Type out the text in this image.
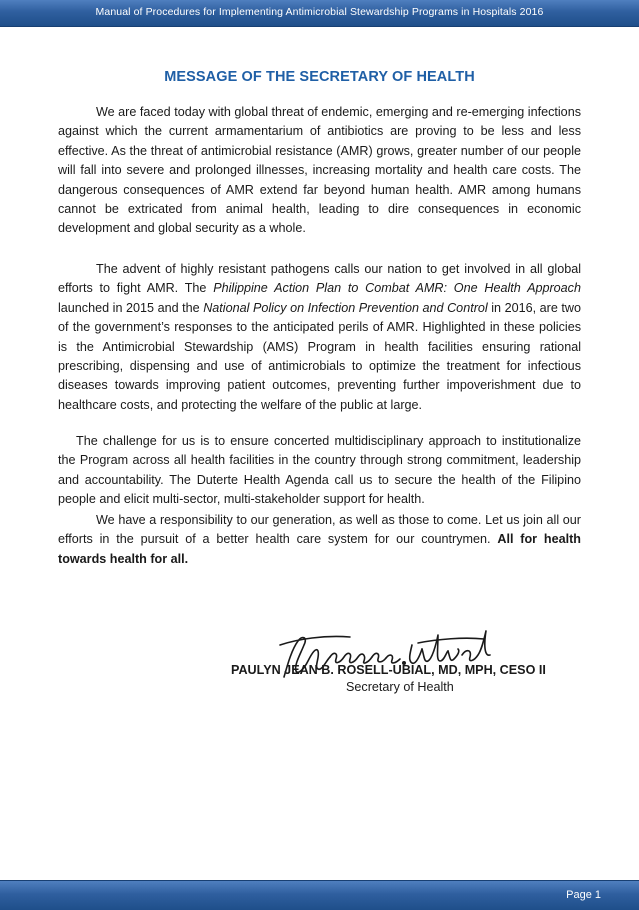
Manual of Procedures for Implementing Antimicrobial Stewardship Programs in Hospitals 2016
MESSAGE OF THE SECRETARY OF HEALTH

We are faced today with global threat of endemic, emerging and re-emerging infections against which the current armamentarium of antibiotics are proving to be less and less effective. As the threat of antimicrobial resistance (AMR) grows, greater number of our people will fall into severe and prolonged illnesses, increasing mortality and health care costs. The dangerous consequences of AMR extend far beyond human health. AMR among humans cannot be extricated from animal health, leading to dire consequences in economic development and global security as a whole.

The advent of highly resistant pathogens calls our nation to get involved in all global efforts to fight AMR. The Philippine Action Plan to Combat AMR: One Health Approach launched in 2015 and the National Policy on Infection Prevention and Control in 2016, are two of the government’s responses to the anticipated perils of AMR. Highlighted in these policies is the Antimicrobial Stewardship (AMS) Program in health facilities ensuring rational prescribing, dispensing and use of antimicrobials to optimize the treatment for infectious diseases towards improving patient outcomes, preventing further impoverishment due to healthcare costs, and protecting the welfare of the public at large.

The challenge for us is to ensure concerted multidisciplinary approach to institutionalize the Program across all health facilities in the country through strong commitment, leadership and accountability. The Duterte Health Agenda call us to secure the health of the Filipino people and elicit multi-sector, multi-stakeholder support for health.

We have a responsibility to our generation, as well as those to come. Let us join all our efforts in the pursuit of a better health care system for our countrymen. All for health towards health for all.

PAULYN JEAN B. ROSELL-UBIAL, MD, MPH, CESO II
Secretary of Health
Page 1
